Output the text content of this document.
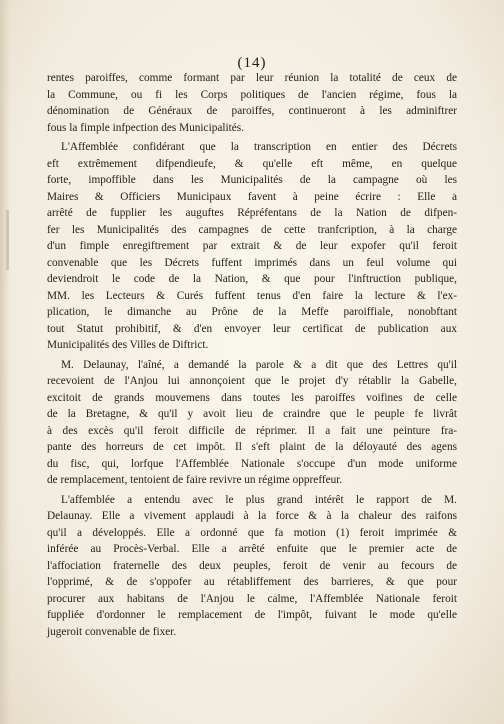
(14)
rentes paroiffes, comme formant par leur réunion la totalité de ceux de
la Commune, ou fi les Corps politiques de l'ancien régime, fous la
dénomination de Généraux de paroiffes, continueront à les adminiftrer
fous la fimple infpection des Municipalités.
L'Affemblée confidérant que la transcription en entier des Décrets
eft extrêmement difpendieufe, & qu'elle eft même, en quelque
forte, impoffible dans les Municipalités de la campagne où les
Maires & Officiers Municipaux favent à peine écrire : Elle a
arrêté de fupplier les auguftes Répréfentans de la Nation de difpen-
fer les Municipalités des campagnes de cette tranfcription, à la charge
d'un fimple enregiftrement par extrait & de leur expofer qu'il feroit
convenable que les Décrets fuffent imprimés dans un feul volume qui
deviendroit le code de la Nation, & que pour l'inftruction publique,
MM. les Lecteurs & Curés fuffent tenus d'en faire la lecture & l'ex-
plication, le dimanche au Prône de la Meffe paroiffiale, nonobftant
tout Statut prohibitif, & d'en envoyer leur certificat de publication aux
Municipalités des Villes de Diftrict.
M. Delaunay, l'aîné, a demandé la parole & a dit que des Lettres qu'il
recevoient de l'Anjou lui annonçoient que le projet d'y rétablir la Gabelle,
excitoit de grands mouvemens dans toutes les paroiffes voifines de celle
de la Bretagne, & qu'il y avoit lieu de craindre que le peuple fe livrât
à des excès qu'il feroit difficile de réprimer. Il a fait une peinture fra-
pante des horreurs de cet impôt. Il s'eft plaint de la déloyauté des agens
du fisc, qui, lorfque l'Affemblée Nationale s'occupe d'un mode uniforme
de remplacement, tentoient de faire revivre un régime oppreffeur.
L'affemblée a entendu avec le plus grand intérêt le rapport de M.
Delaunay. Elle a vivement applaudi à la force & à la chaleur des raifons
qu'il a développés. Elle a ordonné que fa motion (1) feroit imprimée &
inférée au Procès-Verbal. Elle a arrêté enfuite que le premier acte de
l'affociation fraternelle des deux peuples, feroit de venir au fecours de
l'opprimé, & de s'oppofer au rétabliffement des barrieres, & que pour
procurer aux habitans de l'Anjou le calme, l'Affemblée Nationale feroit
fuppliée d'ordonner le remplacement de l'impôt, fuivant le mode qu'elle
jugeroit convenable de fixer.
